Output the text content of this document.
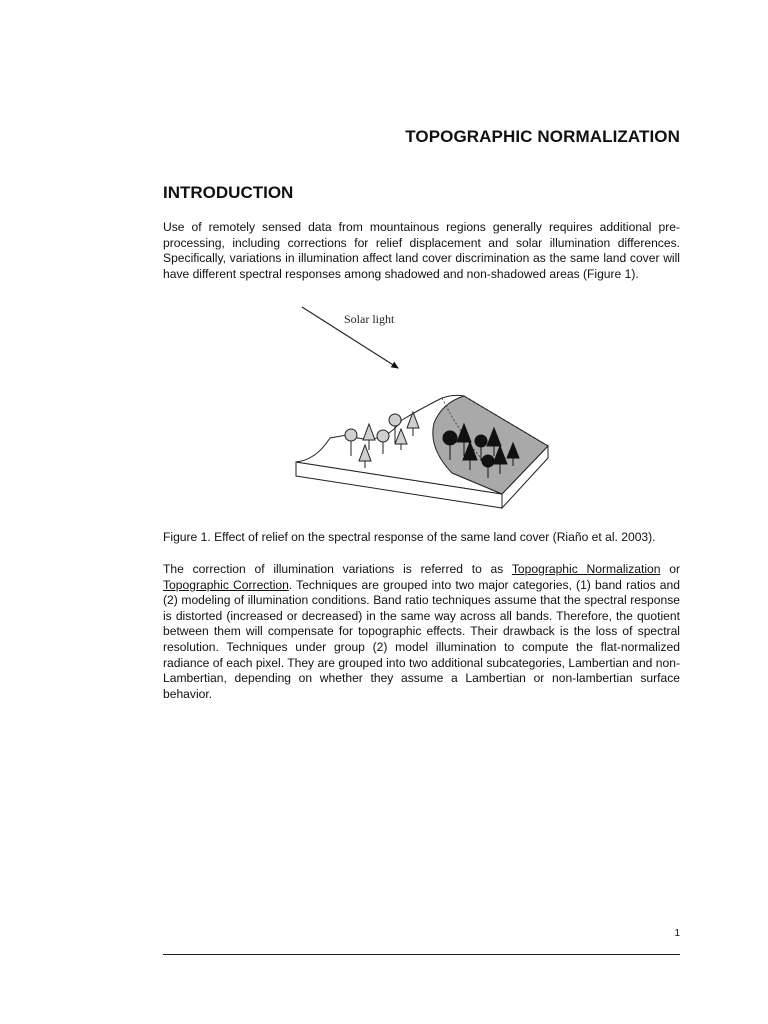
TOPOGRAPHIC NORMALIZATION
INTRODUCTION

Use of remotely sensed data from mountainous regions generally requires additional pre-processing, including corrections for relief displacement and solar illumination differences. Specifically, variations in illumination affect land cover discrimination as the same land cover will have different spectral responses among shadowed and non-shadowed areas (Figure 1).

Solar light

Figure 1. Effect of relief on the spectral response of the same land cover (Riaño et al. 2003).

The correction of illumination variations is referred to as Topographic Normalization or Topographic Correction. Techniques are grouped into two major categories, (1) band ratios and (2) modeling of illumination conditions. Band ratio techniques assume that the spectral response is distorted (increased or decreased) in the same way across all bands. Therefore, the quotient between them will compensate for topographic effects. Their drawback is the loss of spectral resolution. Techniques under group (2) model illumination to compute the flat-normalized radiance of each pixel. They are grouped into two additional subcategories, Lambertian and non-Lambertian, depending on whether they assume a Lambertian or non-lambertian surface behavior.

1
